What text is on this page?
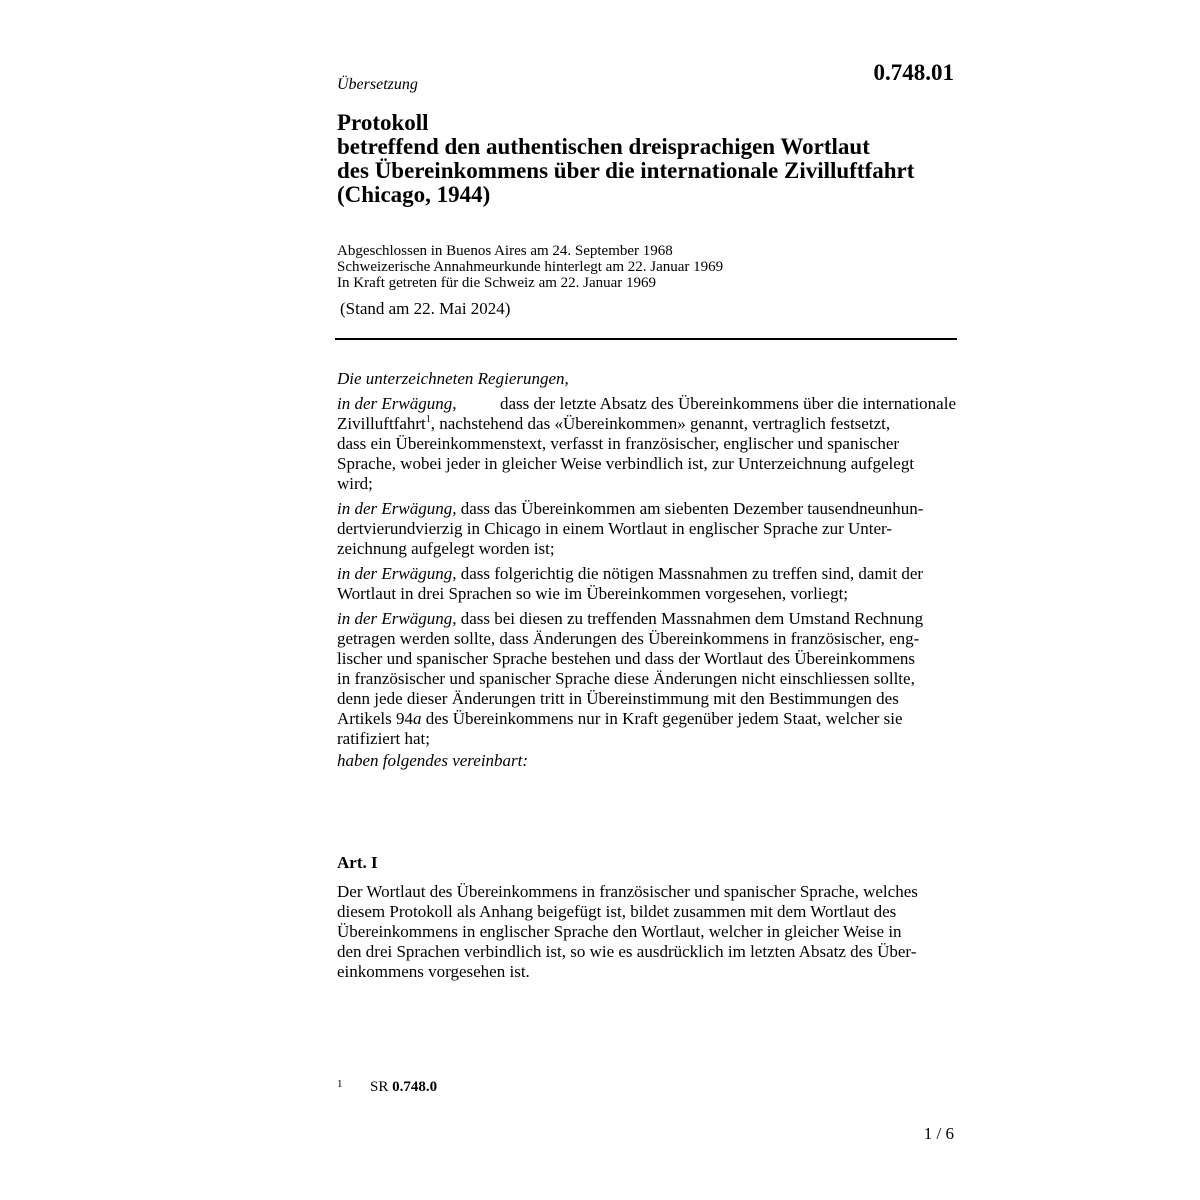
Übersetzung	0.748.01
Protokoll
betreffend den authentischen dreisprachigen Wortlaut
des Übereinkommens über die internationale Zivilluftfahrt
(Chicago, 1944)
Abgeschlossen in Buenos Aires am 24. September 1968
Schweizerische Annahmeurkunde hinterlegt am 22. Januar 1969
In Kraft getreten für die Schweiz am 22. Januar 1969
(Stand am 22. Mai 2024)
Die unterzeichneten Regierungen,
in der Erwägung,	dass der letzte Absatz des Übereinkommens über die internationale
Zivilluftfahrt$^1$, nachstehend das «Übereinkommen» genannt, vertraglich festsetzt,
dass ein Übereinkommenstext, verfasst in französischer, englischer und spanischer
Sprache, wobei jeder in gleicher Weise verbindlich ist, zur Unterzeichnung aufgelegt
wird;
in der Erwägung, dass das Übereinkommen am siebenten Dezember tausendneunhun-
dertvierundvierzig in Chicago in einem Wortlaut in englischer Sprache zur Unter-
zeichnung aufgelegt worden ist;
in der Erwägung, dass folgerichtig die nötigen Massnahmen zu treffen sind, damit der
Wortlaut in drei Sprachen so wie im Übereinkommen vorgesehen, vorliegt;
in der Erwägung, dass bei diesen zu treffenden Massnahmen dem Umstand Rechnung
getragen werden sollte, dass Änderungen des Übereinkommens in französischer, eng-
lischer und spanischer Sprache bestehen und dass der Wortlaut des Übereinkommens
in französischer und spanischer Sprache diese Änderungen nicht einschliessen sollte,
denn jede dieser Änderungen tritt in Übereinstimmung mit den Bestimmungen des
Artikels 94a des Übereinkommens nur in Kraft gegenüber jedem Staat, welcher sie
ratifiziert hat;
haben folgendes vereinbart:
Art. I
Der Wortlaut des Übereinkommens in französischer und spanischer Sprache, welches
diesem Protokoll als Anhang beigefügt ist, bildet zusammen mit dem Wortlaut des
Übereinkommens in englischer Sprache den Wortlaut, welcher in gleicher Weise in
den drei Sprachen verbindlich ist, so wie es ausdrücklich im letzten Absatz des Über-
einkommens vorgesehen ist.
1 SR 0.748.0
1 / 6
